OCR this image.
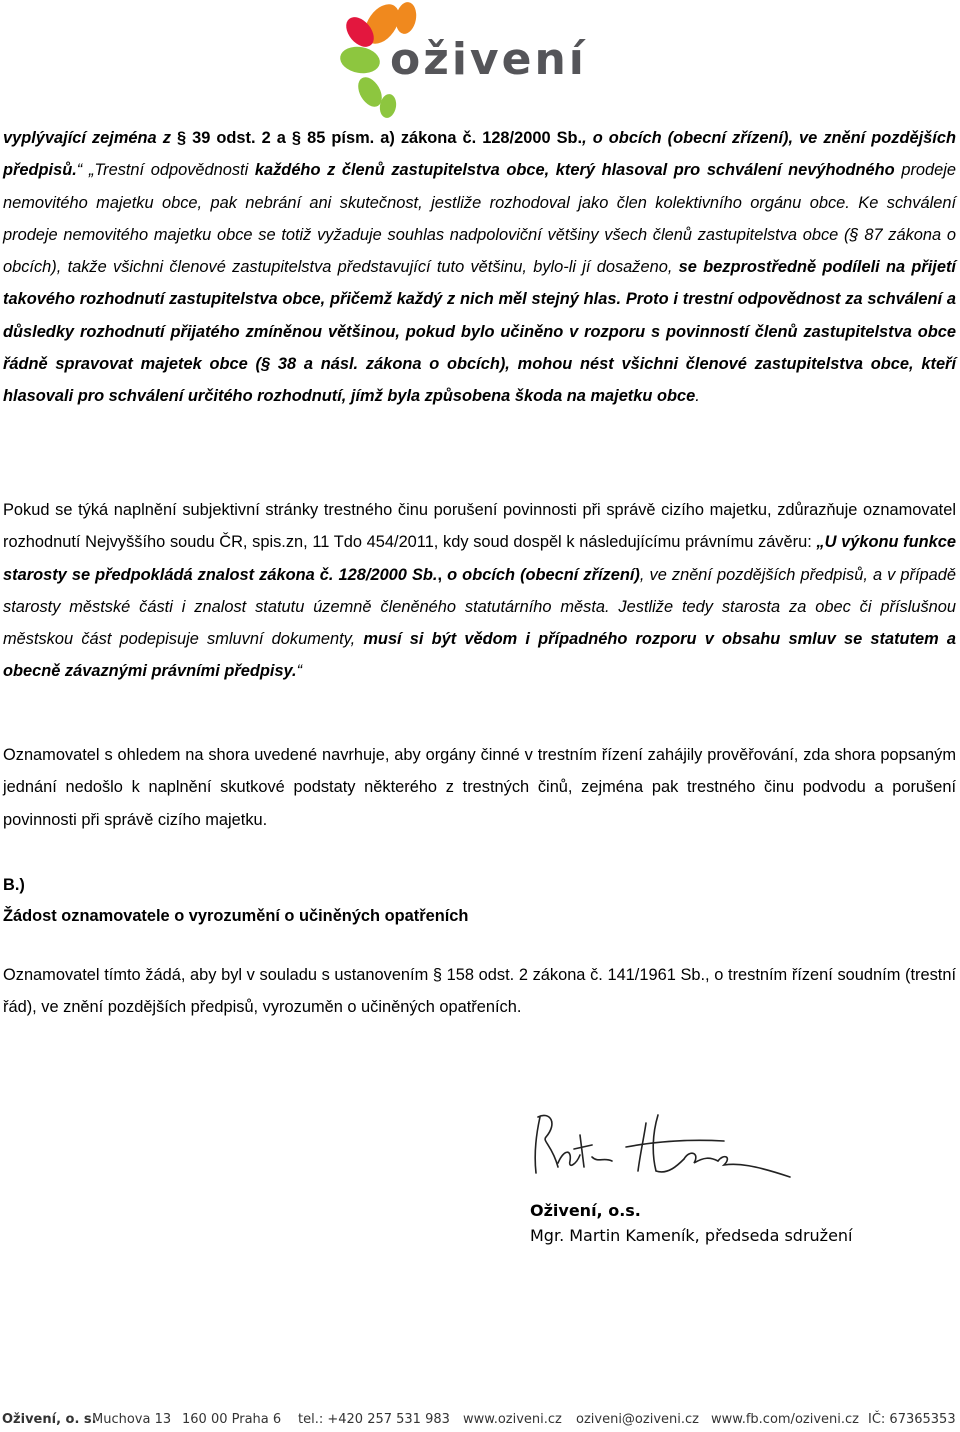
oživení

vyplývající zejména z § 39 odst. 2 a § 85 písm. a) zákona č. 128/2000 Sb., o obcích (obecní zřízení), ve znění pozdějších předpisů.“ „Trestní odpovědnosti každého z členů zastupitelstva obce, který hlasoval pro schválení nevýhodného prodeje nemovitého majetku obce, pak nebrání ani skutečnost, jestliže rozhodoval jako člen kolektivního orgánu obce. Ke schválení prodeje nemovitého majetku obce se totiž vyžaduje souhlas nadpoloviční většiny všech členů zastupitelstva obce (§ 87 zákona o obcích), takže všichni členové zastupitelstva představující tuto většinu, bylo-li jí dosaženo, se bezprostředně podíleli na přijetí takového rozhodnutí zastupitelstva obce, přičemž každý z nich měl stejný hlas. Proto i trestní odpovědnost za schválení a důsledky rozhodnutí přijatého zmíněnou většinou, pokud bylo učiněno v rozporu s povinností členů zastupitelstva obce řádně spravovat majetek obce (§ 38 a násl. zákona o obcích), mohou nést všichni členové zastupitelstva obce, kteří hlasovali pro schválení určitého rozhodnutí, jímž byla způsobena škoda na majetku obce.

Pokud se týká naplnění subjektivní stránky trestného činu porušení povinnosti při správě cizího majetku, zdůrazňuje oznamovatel rozhodnutí Nejvyššího soudu ČR, spis.zn, 11 Tdo 454/2011, kdy soud dospěl k následujícímu právnímu závěru: „U výkonu funkce starosty se předpokládá znalost zákona č. 128/2000 Sb., o obcích (obecní zřízení), ve znění pozdějších předpisů, a v případě starosty městské části i znalost statutu územně členěného statutárního města. Jestliže tedy starosta za obec či příslušnou městskou část podepisuje smluvní dokumenty, musí si být vědom i případného rozporu v obsahu smluv se statutem a obecně závaznými právními předpisy.“

Oznamovatel s ohledem na shora uvedené navrhuje, aby orgány činné v trestním řízení zahájily prověřování, zda shora popsaným jednání nedošlo k naplnění skutkové podstaty některého z trestných činů, zejména pak trestného činu podvodu a porušení povinnosti při správě cizího majetku.

B.)
Žádost oznamovatele o vyrozumění o učiněných opatřeních

Oznamovatel tímto žádá, aby byl v souladu s ustanovením § 158 odst. 2 zákona č. 141/1961 Sb., o trestním řízení soudním (trestní řád), ve znění pozdějších předpisů, vyrozuměn o učiněných opatřeních.

Oživení, o.s.
Mgr. Martin Kameník, předseda sdružení
Oživení, o. s.
Muchova 13 160 00 Praha 6 tel.: +420 257 531 983 www.oziveni.cz oziveni@oziveni.cz www.fb.com/oziveni.cz IČ: 67365353
